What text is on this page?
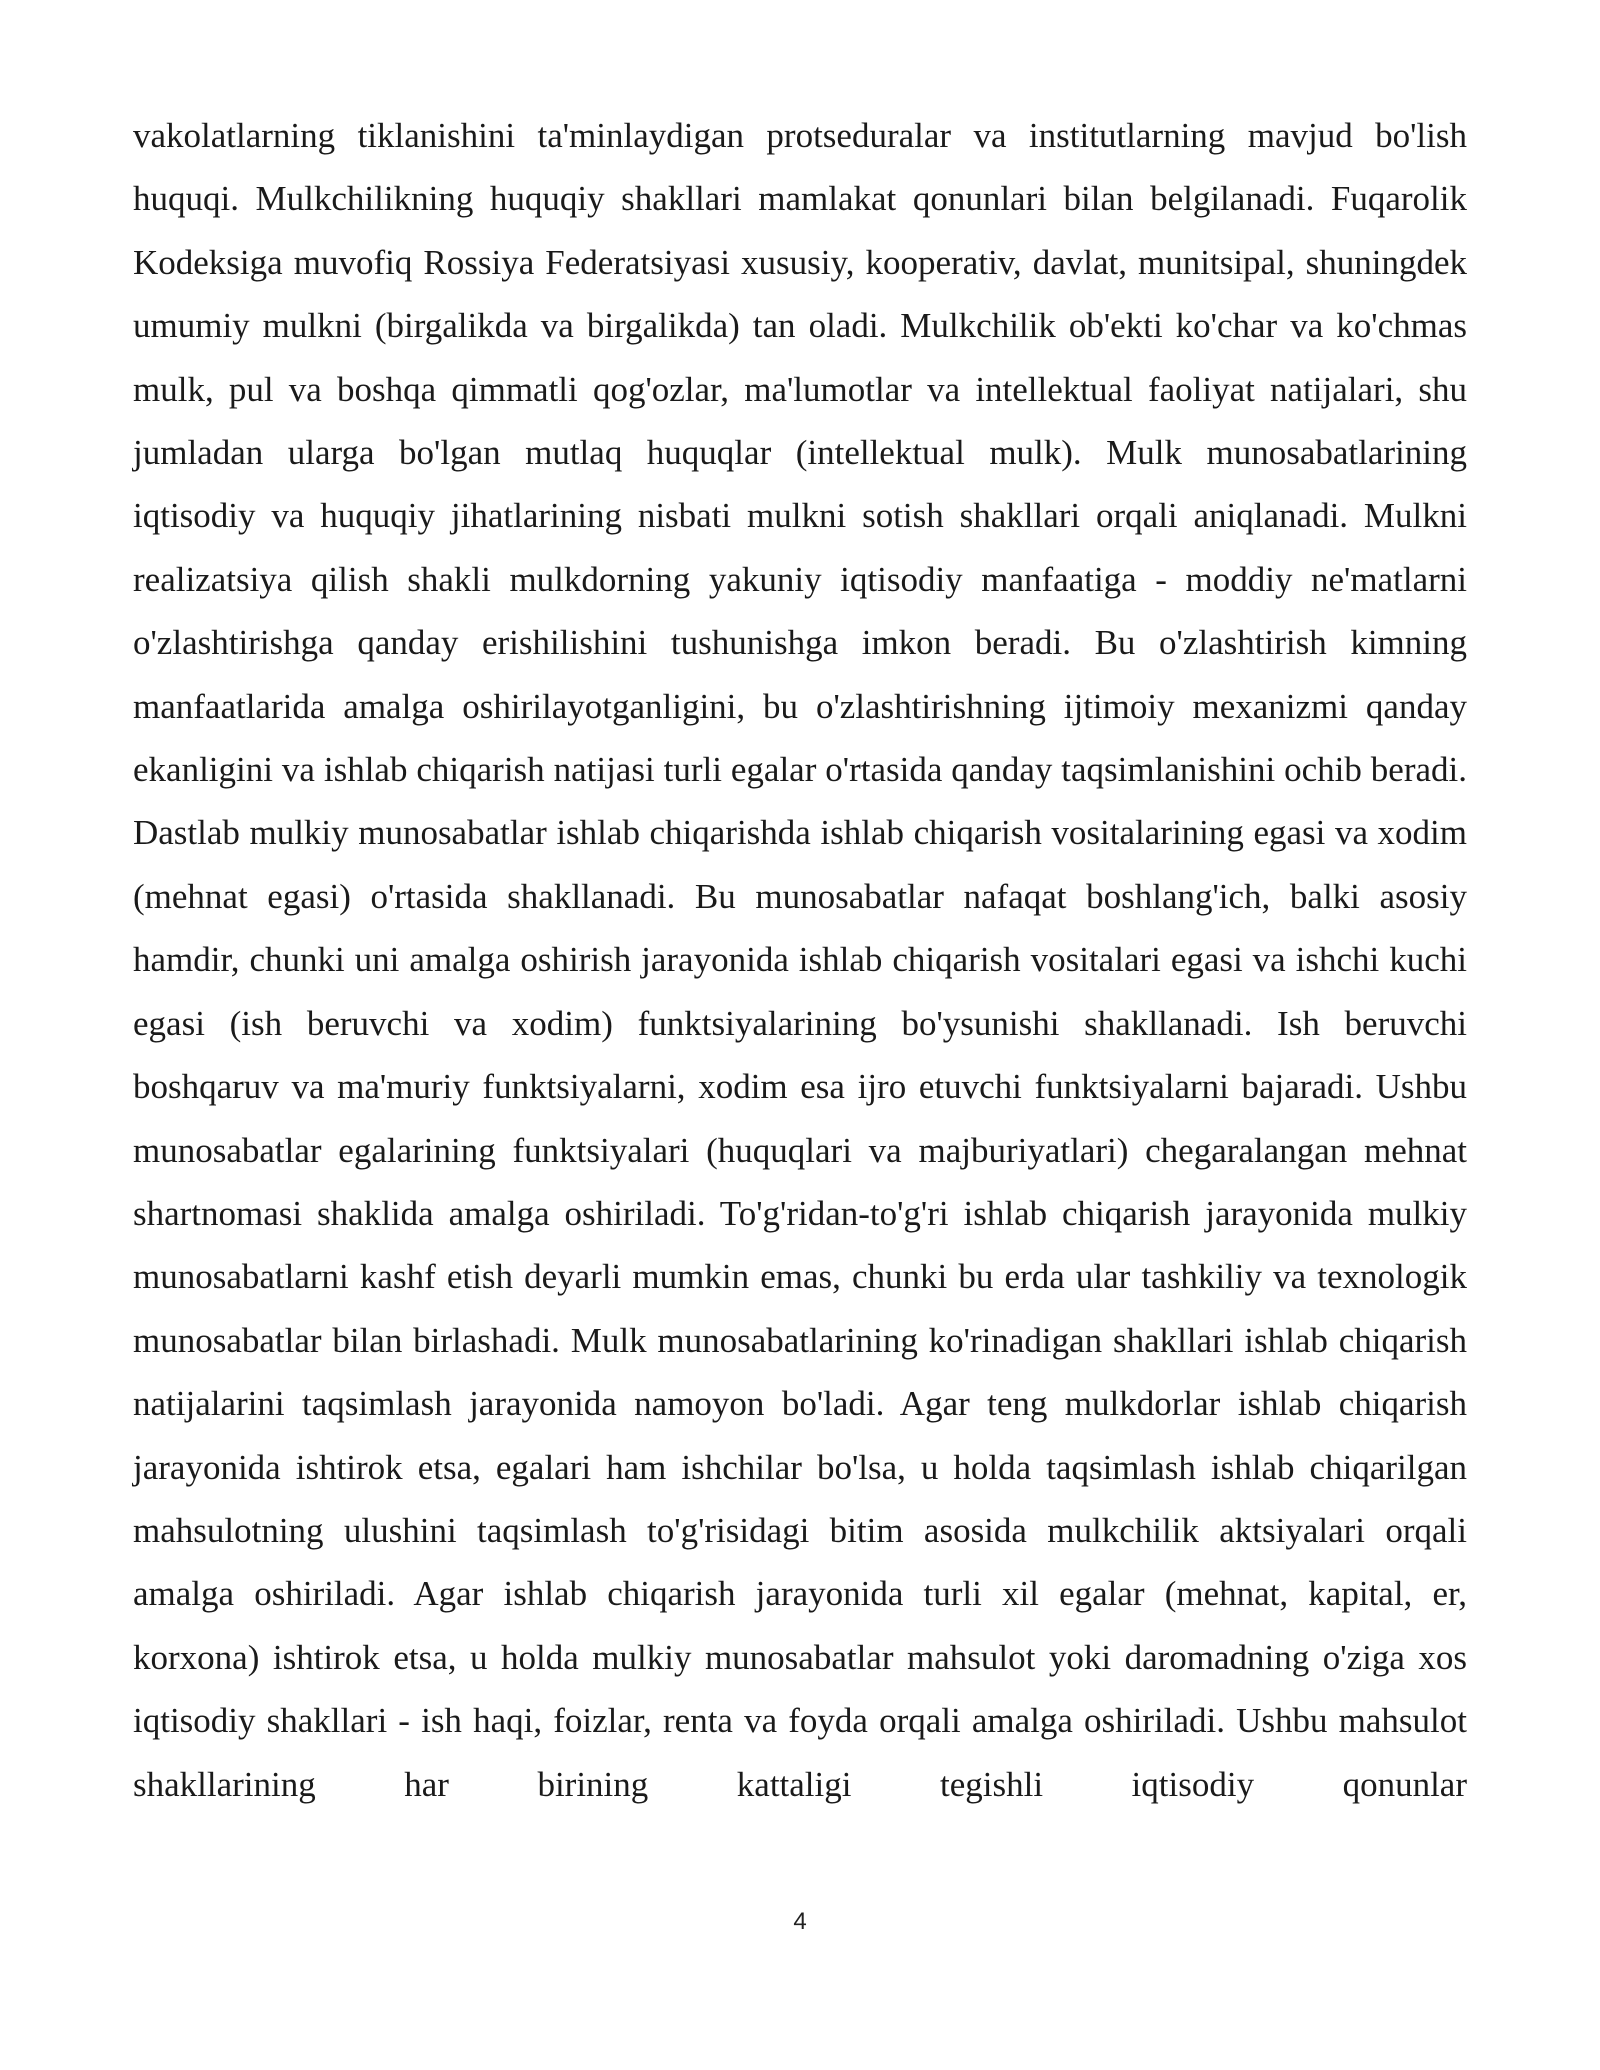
vakolatlarning tiklanishini ta'minlaydigan protseduralar va institutlarning mavjud bo'lish huquqi. Mulkchilikning huquqiy shakllari mamlakat qonunlari bilan belgilanadi. Fuqarolik Kodeksiga muvofiq Rossiya Federatsiyasi xususiy, kooperativ, davlat, munitsipal, shuningdek umumiy mulkni (birgalikda va birgalikda) tan oladi. Mulkchilik ob'ekti ko'char va ko'chmas mulk, pul va boshqa qimmatli qog'ozlar, ma'lumotlar va intellektual faoliyat natijalari, shu jumladan ularga bo'lgan mutlaq huquqlar (intellektual mulk). Mulk munosabatlarining iqtisodiy va huquqiy jihatlarining nisbati mulkni sotish shakllari orqali aniqlanadi. Mulkni realizatsiya qilish shakli mulkdorning yakuniy iqtisodiy manfaatiga - moddiy ne'matlarni o'zlashtirishga qanday erishilishini tushunishga imkon beradi. Bu o'zlashtirish kimning manfaatlarida amalga oshirilayotganligini, bu o'zlashtirishning ijtimoiy mexanizmi qanday ekanligini va ishlab chiqarish natijasi turli egalar o'rtasida qanday taqsimlanishini ochib beradi. Dastlab mulkiy munosabatlar ishlab chiqarishda ishlab chiqarish vositalarining egasi va xodim (mehnat egasi) o'rtasida shakllanadi. Bu munosabatlar nafaqat boshlang'ich, balki asosiy hamdir, chunki uni amalga oshirish jarayonida ishlab chiqarish vositalari egasi va ishchi kuchi egasi (ish beruvchi va xodim) funktsiyalarining bo'ysunishi shakllanadi. Ish beruvchi boshqaruv va ma'muriy funktsiyalarni, xodim esa ijro etuvchi funktsiyalarni bajaradi. Ushbu munosabatlar egalarining funktsiyalari (huquqlari va majburiyatlari) chegaralangan mehnat shartnomasi shaklida amalga oshiriladi. To'g'ridan-to'g'ri ishlab chiqarish jarayonida mulkiy munosabatlarni kashf etish deyarli mumkin emas, chunki bu erda ular tashkiliy va texnologik munosabatlar bilan birlashadi. Mulk munosabatlarining ko'rinadigan shakllari ishlab chiqarish natijalarini taqsimlash jarayonida namoyon bo'ladi. Agar teng mulkdorlar ishlab chiqarish jarayonida ishtirok etsa, egalari ham ishchilar bo'lsa, u holda taqsimlash ishlab chiqarilgan mahsulotning ulushini taqsimlash to'g'risidagi bitim asosida mulkchilik aktsiyalari orqali amalga oshiriladi. Agar ishlab chiqarish jarayonida turli xil egalar (mehnat, kapital, er, korxona) ishtirok etsa, u holda mulkiy munosabatlar mahsulot yoki daromadning o'ziga xos iqtisodiy shakllari - ish haqi, foizlar, renta va foyda orqali amalga oshiriladi. Ushbu mahsulot shakllarining har birining kattaligi tegishli iqtisodiy qonunlar

4
